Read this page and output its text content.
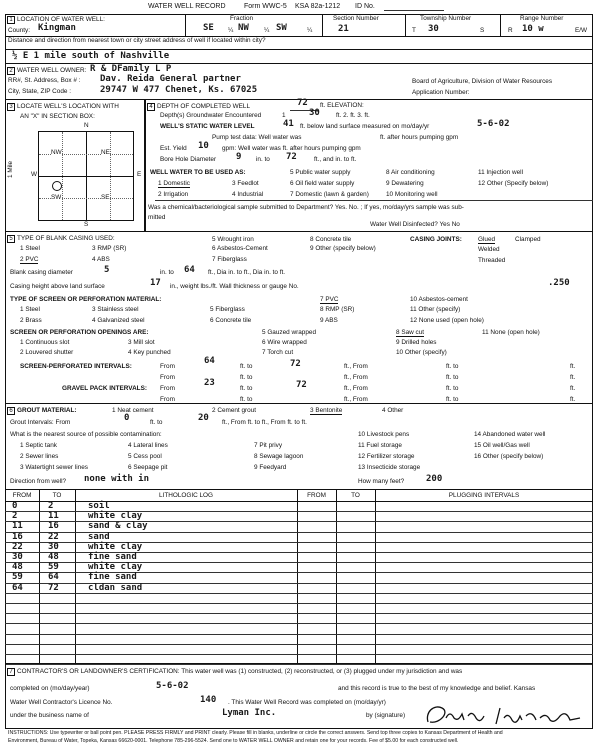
WATER WELL RECORD	Form WWC-5 KSA 82a-1212 ID No.
1 LOCATION OF WATER WELL:	Fraction
County: Kingman	SE ¼ NW ¼ SW	¼
Section Number
21
Township Number
T 30	S
Range Number
R 10 w	E/W
Distance and direction from nearest town or city street address of well if located within city?
½ E 1 mile south of Nashville
2 WATER WELL OWNER: R & DFamily L P
RR#, St. Address, Box # : Dav. Reida General partner
City, State, ZIP Code :	29747 W 477 Chenet, Ks. 67025
Board of Agriculture, Division of Water Resources
Application Number:
3 LOCATE WELL'S LOCATION WITH
AN "X" IN SECTION BOX:
N
S
W	E
1 Mile
NW	NE
SW	SE
4 DEPTH OF COMPLETED WELL	72 ft. ELEVATION:
Depth(s) Groundwater Encountered	1	30	ft. 2. ft. 3. ft.
WELL'S STATIC WATER LEVEL	41 ft. below land surface measured on mo/day/yr	5-6-02
Pump test data: Well water was	ft. after hours pumping gpm
Est. Yield 10 gpm: Well water was ft. after hours pumping gpm
Bore Hole Diameter 9 in. to 72	ft., and in. to ft.
WELL WATER TO BE USED AS:
1 Domestic	3 Feedlot
5 Public water supply	8 Air conditioning	11 Injection well
2 Irrigation	4 Industrial
6 Oil field water supply	9 Dewatering	12 Other (Specify below)
7 Domestic (lawn & garden)	10 Monitoring well
Was a chemical/bacteriological sample submitted to Department? Yes. No. ; If yes, mo/day/yrs sample was sub-
mitted
Water Well Disinfected? Yes No
5 TYPE OF BLANK CASING USED:
1 Steel	3 RMP (SR)
5 Wrought iron	8 Concrete tile
2 PVC	4 ABS
6 Asbestos-Cement	9 Other (specify below)
7 Fiberglass
CASING JOINTS:	Glued	Clamped
Welded
Threaded
Blank casing diameter	5	in. to 64 ft., Dia in. to ft., Dia in. to ft.
Casing height above land surface	17 in., weight lbs./ft. Wall thickness or gauge No.	.250
TYPE OF SCREEN OR PERFORATION MATERIAL:
1 Steel	3 Stainless steel	5 Fiberglass
7 PVC	10 Asbestos-cement
2 Brass	4 Galvanized steel	6 Concrete tile
8 RMP (SR)	11 Other (specify)
9 ABS	12 None used (open hole)
SCREEN OR PERFORATION OPENINGS ARE:
1 Continuous slot	3 Mill slot
5 Gauzed wrapped	8 Saw cut	11 None (open hole)
2 Louvered shutter	4 Key punched
6 Wire wrapped	9 Drilled holes
7 Torch cut	10 Other (specify)
SCREEN-PERFORATED INTERVALS:	From
64
ft. to	72	ft., From	ft. to	ft.
From	ft. to	ft., From	ft. to	ft.
GRAVEL PACK INTERVALS: From
23
ft. to	72	ft., From	ft. to	ft.
From	ft. to	ft., From	ft. to	ft.
6 GROUT MATERIAL:	1 Neat cement	2 Cement grout	3 Bentonite	4 Other
Grout Intervals: From	0	ft. to	20 ft., From ft. to ft., From ft. to ft.
What is the nearest source of possible contamination:
1 Septic tank	4 Lateral lines	7 Pit privy
10 Livestock pens	14 Abandoned water well
2 Sewer lines	5 Cess pool	8 Sewage lagoon
11 Fuel storage	15 Oil well/Gas well
3 Watertight sewer lines	6 Seepage pit	9 Feedyard
12 Fertilizer storage	16 Other (specify below)
13 Insecticide storage
Direction from well? none with in	How many feet? 200
FROM	TO	LITHOLOGIC LOG	FROM	TO	PLUGGING INTERVALS
0	2	soil
2	11	white clay
11	16	sand & clay
16	22	sand
22	30	white clay
30	48	fine sand
48	59	white clay
59	64	fine sand
64	72	cldan sand
7 CONTRACTOR'S OR LANDOWNER'S CERTIFICATION: This water well was (1) constructed, (2) reconstructed, or (3) plugged under my jurisdiction and was
completed on (mo/day/year)	5-6-02	and this record is true to the best of my knowledge and belief. Kansas
Water Well Contractor's Licence No.	140 . This Water Well Record was completed on (mo/day/yr)
under the business name of	Lyman Inc.	by (signature)
INSTRUCTIONS: Use typewriter or ball point pen. PLEASE PRESS FIRMLY and PRINT clearly. Please fill in blanks, underline or circle the correct answers. Send top three copies to Kansas Department of Health and
Environment, Bureau of Water, Topeka, Kansas 66620-0001. Telephone 785-296-5524. Send one to WATER WELL OWNER and retain one for your records. Fee of $5.00 for each constructed well.
